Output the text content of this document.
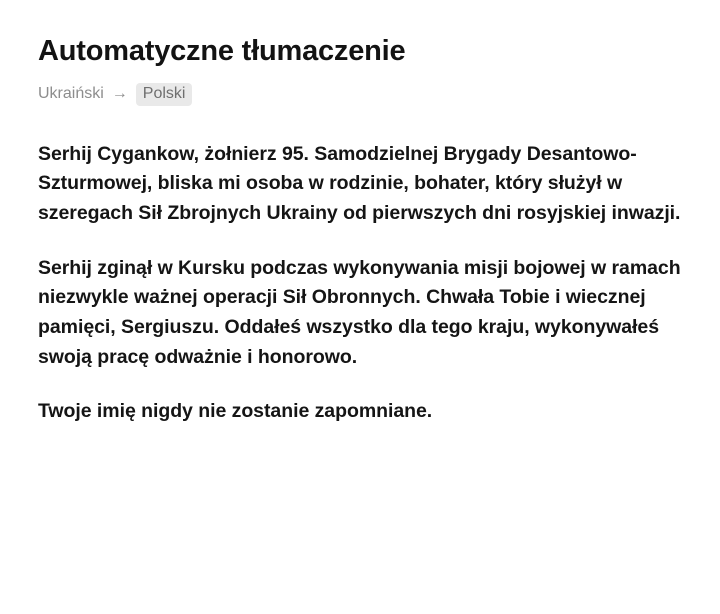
Automatyczne tłumaczenie
Ukraiński → Polski

Serhij Cygankow, żołnierz 95. Samodzielnej Brygady Desantowo-Szturmowej, bliska mi osoba w rodzinie, bohater, który służył w szeregach Sił Zbrojnych Ukrainy od pierwszych dni rosyjskiej inwazji.

Serhij zginął w Kursku podczas wykonywania misji bojowej w ramach niezwykle ważnej operacji Sił Obronnych. Chwała Tobie i wiecznej pamięci, Sergiuszu. Oddałeś wszystko dla tego kraju, wykonywałeś swoją pracę odważnie i honorowo.

Twoje imię nigdy nie zostanie zapomniane.
